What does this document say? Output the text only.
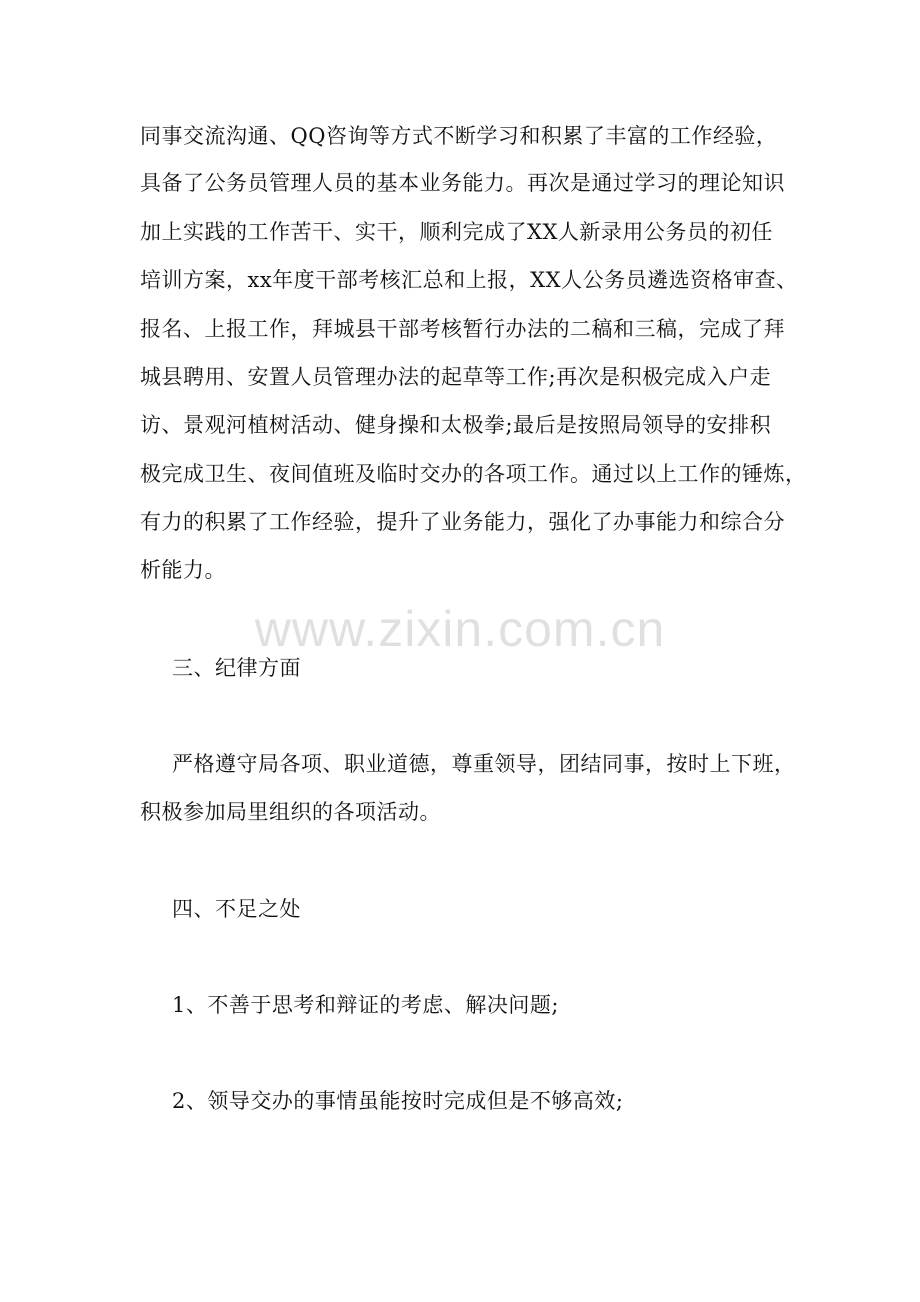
同事交流沟通、QQ咨询等方式不断学习和积累了丰富的工作经验，
具备了公务员管理人员的基本业务能力。再次是通过学习的理论知识
加上实践的工作苦干、实干，顺利完成了XX人新录用公务员的初任
培训方案，xx年度干部考核汇总和上报，XX人公务员遴选资格审查、
报名、上报工作，拜城县干部考核暂行办法的二稿和三稿，完成了拜
城县聘用、安置人员管理办法的起草等工作;再次是积极完成入户走
访、景观河植树活动、健身操和太极拳;最后是按照局领导的安排积
极完成卫生、夜间值班及临时交办的各项工作。通过以上工作的锤炼，
有力的积累了工作经验，提升了业务能力，强化了办事能力和综合分
析能力。
www.zixin.com.cn
三、纪律方面
严格遵守局各项、职业道德，尊重领导，团结同事，按时上下班，
积极参加局里组织的各项活动。
四、不足之处
1、不善于思考和辩证的考虑、解决问题;
2、领导交办的事情虽能按时完成但是不够高效;
